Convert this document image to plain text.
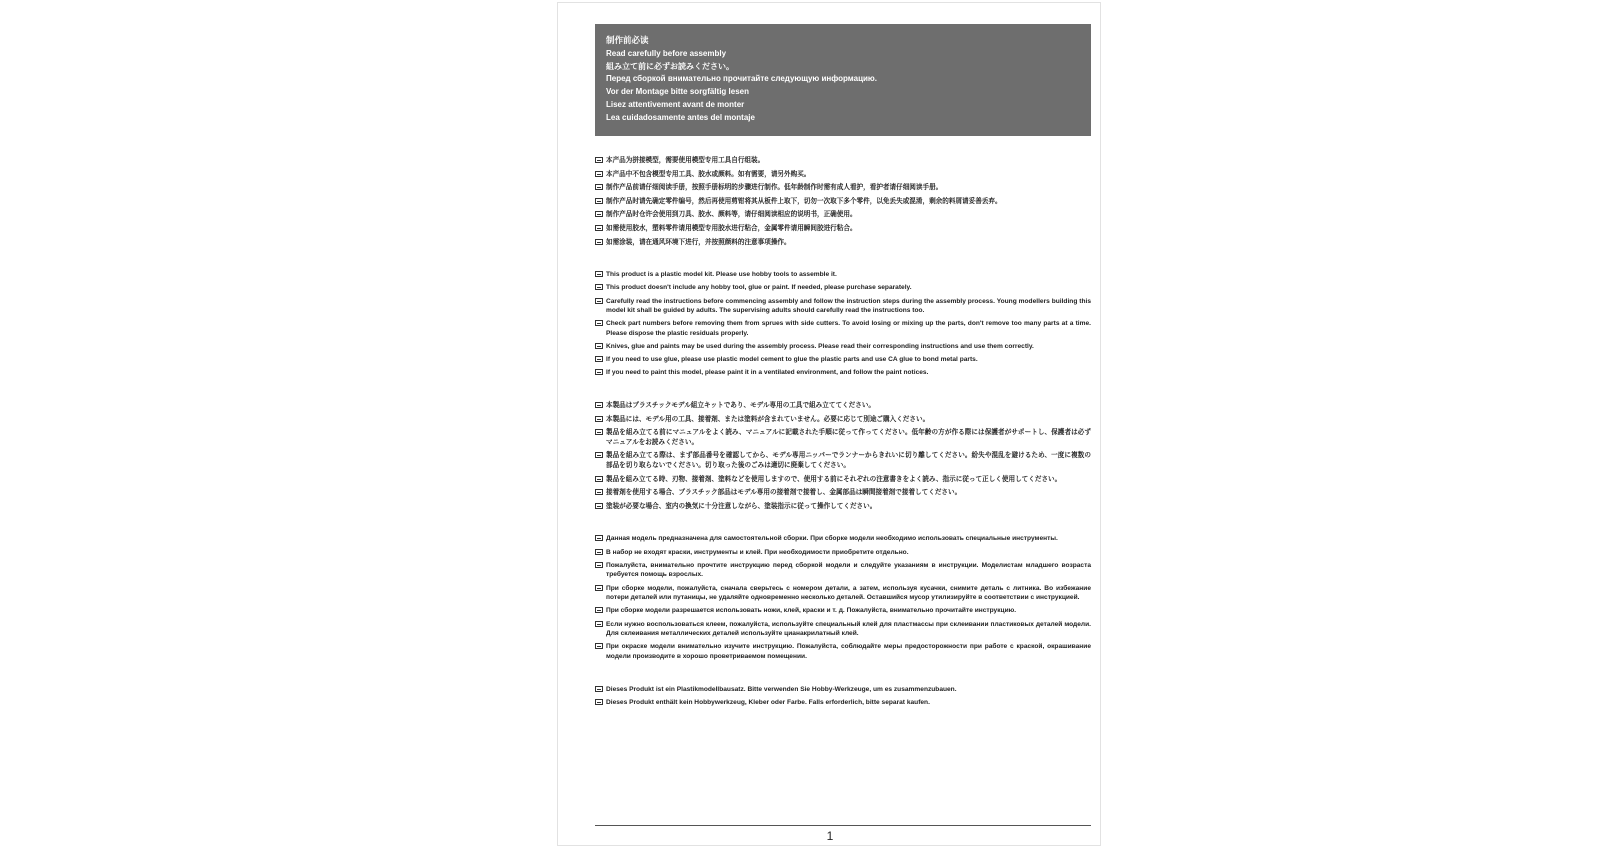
制作前必读
Read carefully before assembly
組み立て前に必ずお読みください。
Перед сборкой внимательно прочитайте следующую информацию.
Vor der Montage bitte sorgfältig lesen
Lisez attentivement avant de monter
Lea cuidadosamente antes del montaje
本产品为拼接模型，需要使用模型专用工具自行组装。
本产品中不包含模型专用工具、胶水或颜料。如有需要，请另外购买。
制作产品前请仔细阅读手册，按照手册标明的步骤进行制作。低年龄制作时需有成人看护，看护者请仔细阅读手册。
制作产品时请先确定零件编号，然后再使用剪钳将其从板件上取下，切勿一次取下多个零件，以免丢失或混淆，剩余的料屑请妥善丢弃。
制作产品时仓许会使用到刀具、胶水、颜料等，请仔细阅读相应的说明书，正确使用。
如需使用胶水，塑料零件请用模型专用胶水进行粘合，金属零件请用瞬间胶进行粘合。
如需涂装，请在通风环境下进行，并按照颜料的注意事项操作。
This product is a plastic model kit. Please use hobby tools to assemble it.
This product doesn't include any hobby tool, glue or paint. If needed, please purchase separately.
Carefully read the instructions before commencing assembly and follow the instruction steps during the assembly process. Young modellers building this model kit shall be guided by adults. The supervising adults should carefully read the instructions too.
Check part numbers before removing them from sprues with side cutters. To avoid losing or mixing up the parts, don't remove too many parts at a time. Please dispose the plastic residuals properly.
Knives, glue and paints may be used during the assembly process. Please read their corresponding instructions and use them correctly.
If you need to use glue, please use plastic model cement to glue the plastic parts and use CA glue to bond metal parts.
If you need to paint this model, please paint it in a ventilated environment, and follow the paint notices.
本製品はプラスチックモデル組立キットであり、モデル専用の工具で組み立ててください。
本製品には、モデル用の工具、接着剤、または塗料が含まれていません。必要に応じて別途ご購入ください。
製品を組み立てる前にマニュアルをよく読み、マニュアルに記載された手順に従って作ってください。低年齢の方が作る際には保護者がサポートし、保護者は必ずマニュアルをお読みください。
製品を組み立てる際は、まず部品番号を確認してから、モデル専用ニッパーでランナーからきれいに切り離してください。紛失や混乱を避けるため、一度に複数の部品を切り取らないでください。切り取った後のごみは適切に廃棄してください。
製品を組み立てる時、刃物、接着剤、塗料などを使用しますので、使用する前にそれぞれの注意書きをよく読み、指示に従って正しく使用してください。
接着剤を使用する場合、プラスチック部品はモデル専用の接着剤で接着し、金属部品は瞬間接着剤で接着してください。
塗装が必要な場合、室内の換気に十分注意しながら、塗装指示に従って操作してください。
Данная модель предназначена для самостоятельной сборки. При сборке модели необходимо использовать специальные инструменты.
В набор не входят краски, инструменты и клей. При необходимости приобретите отдельно.
Пожалуйста, внимательно прочтите инструкцию перед сборкой модели и следуйте указаниям в инструкции. Моделистам младшего возраста требуется помощь взрослых.
При сборке модели, пожалуйста, сначала сверьтесь с номером детали, а затем, используя кусачки, снимите деталь с литника. Во избежание потери деталей или путаницы, не удаляйте одновременно несколько деталей. Оставшийся мусор утилизируйте в соответствии с инструкцией.
При сборке модели разрешается использовать ножи, клей, краски и т. д. Пожалуйста, внимательно прочитайте инструкцию.
Если нужно воспользоваться клеем, пожалуйста, используйте специальный клей для пластмассы при склеивании пластиковых деталей модели. Для склеивания металлических деталей используйте цианакрилатный клей.
При окраске модели внимательно изучите инструкцию. Пожалуйста, соблюдайте меры предосторожности при работе с краской, окрашивание модели производите в хорошо проветриваемом помещении.
Dieses Produkt ist ein Plastikmodellbausatz. Bitte verwenden Sie Hobby-Werkzeuge, um es zusammenzubauen.
Dieses Produkt enthält kein Hobbywerkzeug, Kleber oder Farbe. Falls erforderlich, bitte separat kaufen.
1
